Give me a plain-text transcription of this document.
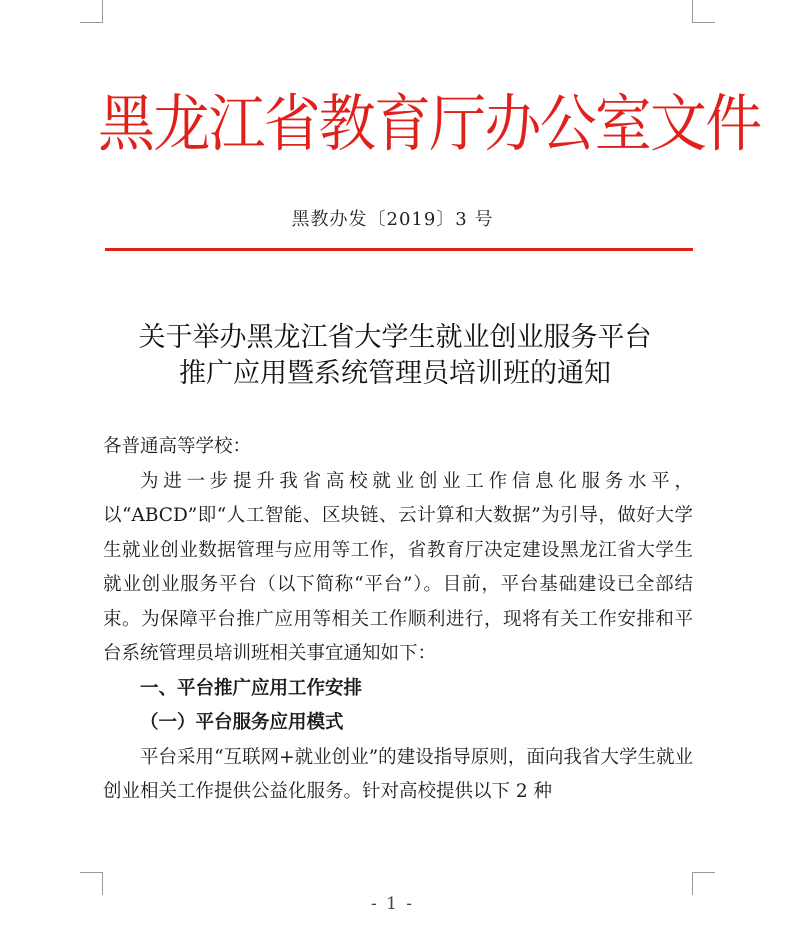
黑龙江省教育厅办公室文件
黑教办发〔2019〕3 号
关于举办黑龙江省大学生就业创业服务平台
推广应用暨系统管理员培训班的通知

各普通高等学校：

为进一步提升我省高校就业创业工作信息化服务水平，以“ABCD”即“人工智能、区块链、云计算和大数据”为引导，做好大学生就业创业数据管理与应用等工作，省教育厅决定建设黑龙江省大学生就业创业服务平台（以下简称“平台”）。目前，平台基础建设已全部结束。为保障平台推广应用等相关工作顺利进行，现将有关工作安排和平台系统管理员培训班相关事宜通知如下：

一、平台推广应用工作安排

（一）平台服务应用模式

平台采用“互联网+就业创业”的建设指导原则，面向我省大学生就业创业相关工作提供公益化服务。针对高校提供以下 2 种

- 1 -
